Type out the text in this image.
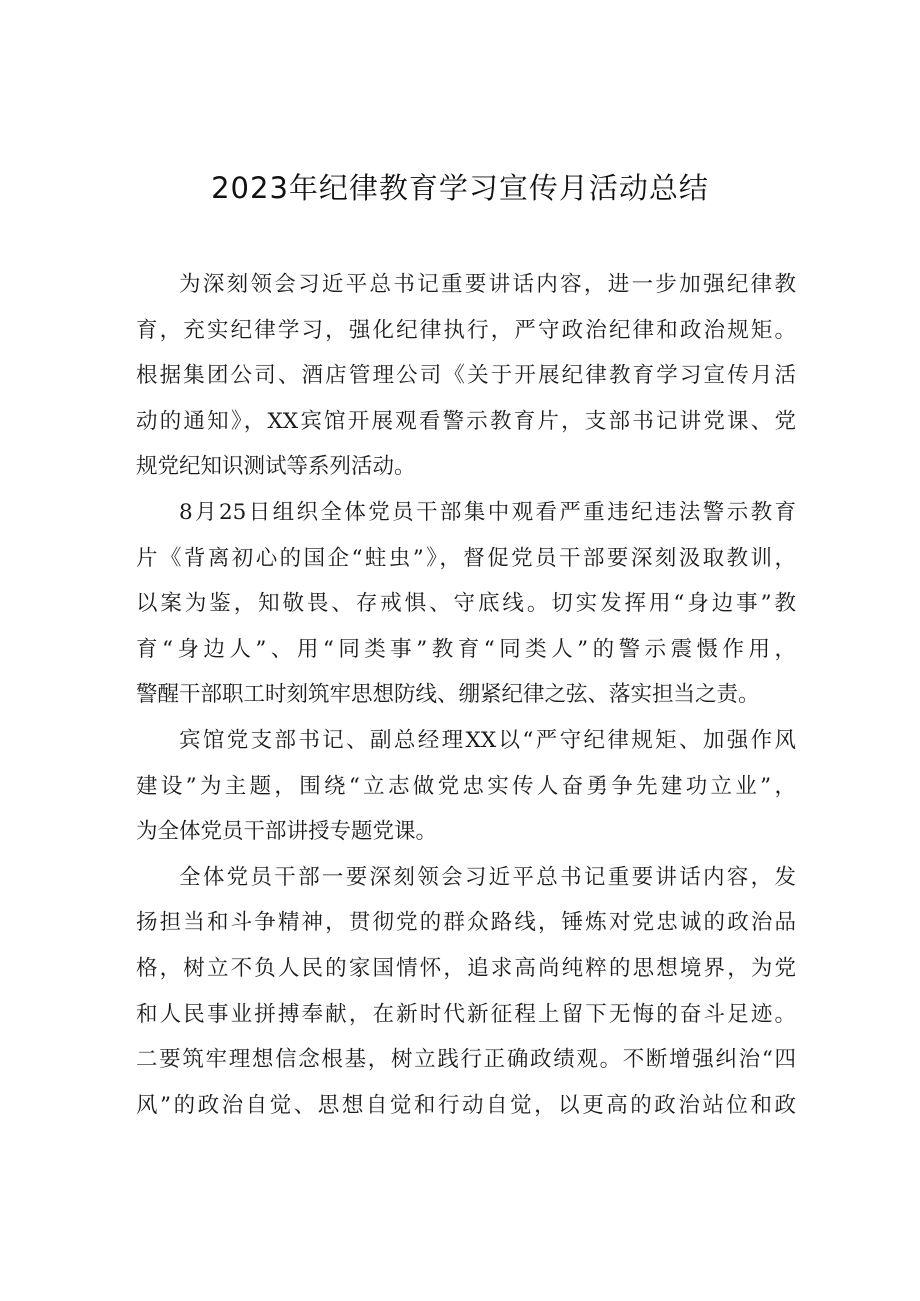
2023年纪律教育学习宣传月活动总结
为深刻领会习近平总书记重要讲话内容，进一步加强纪律教
育，充实纪律学习，强化纪律执行，严守政治纪律和政治规矩。
根据集团公司、酒店管理公司《关于开展纪律教育学习宣传月活
动的通知》，XX宾馆开展观看警示教育片，支部书记讲党课、党
规党纪知识测试等系列活动。
8月25日组织全体党员干部集中观看严重违纪违法警示教育
片《背离初心的国企“蛀虫”》，督促党员干部要深刻汲取教训，
以案为鉴，知敬畏、存戒惧、守底线。切实发挥用“身边事”教
育“身边人”、用“同类事”教育“同类人”的警示震慑作用，
警醒干部职工时刻筑牢思想防线、绷紧纪律之弦、落实担当之责。
宾馆党支部书记、副总经理XX以“严守纪律规矩、加强作风
建设”为主题，围绕“立志做党忠实传人奋勇争先建功立业”，
为全体党员干部讲授专题党课。
全体党员干部一要深刻领会习近平总书记重要讲话内容，发
扬担当和斗争精神，贯彻党的群众路线，锤炼对党忠诚的政治品
格，树立不负人民的家国情怀，追求高尚纯粹的思想境界，为党
和人民事业拼搏奉献，在新时代新征程上留下无悔的奋斗足迹。
二要筑牢理想信念根基，树立践行正确政绩观。不断增强纠治“四
风”的政治自觉、思想自觉和行动自觉，以更高的政治站位和政
